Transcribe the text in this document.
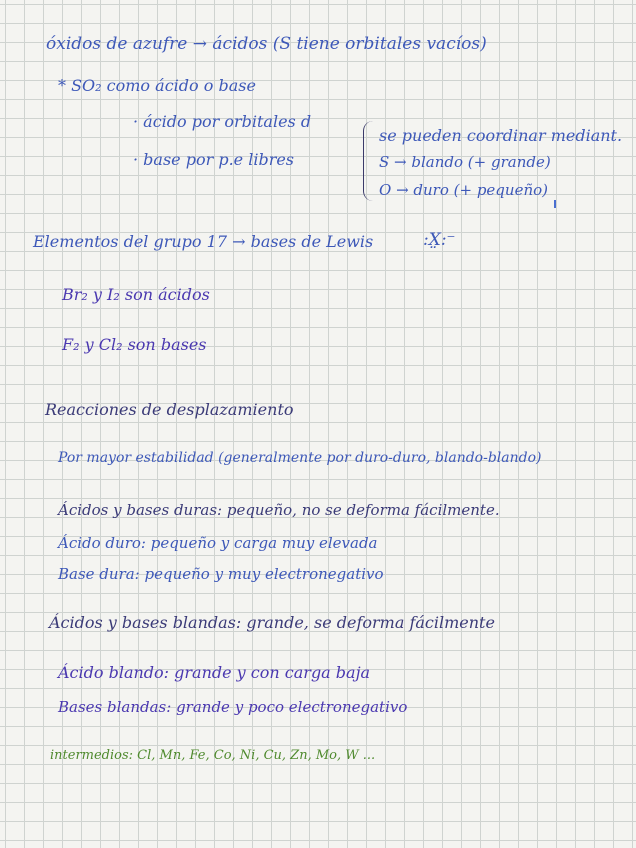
óxidos de azufre → ácidos (S tiene orbitales vacíos)
* SO₂ como ácido o base
· ácido por orbitales d
· base por p.e libres
se pueden coordinar mediant.
S → blando (+ grande)
O → duro (+ pequeño)
Elementos del grupo 17 → bases de Lewis	:X̤:⁻
Br₂ y I₂ son ácidos
F₂ y Cl₂ son bases
Reacciones de desplazamiento
Por mayor estabilidad (generalmente por duro-duro, blando-blando)
Ácidos y bases duras: pequeño, no se deforma fácilmente.
Ácido duro: pequeño y carga muy elevada
Base dura: pequeño y muy electronegativo
Ácidos y bases blandas: grande, se deforma fácilmente
Ácido blando: grande y con carga baja
Bases blandas: grande y poco electronegativo
intermedios: Cl, Mn, Fe, Co, Ni, Cu, Zn, Mo, W ...
